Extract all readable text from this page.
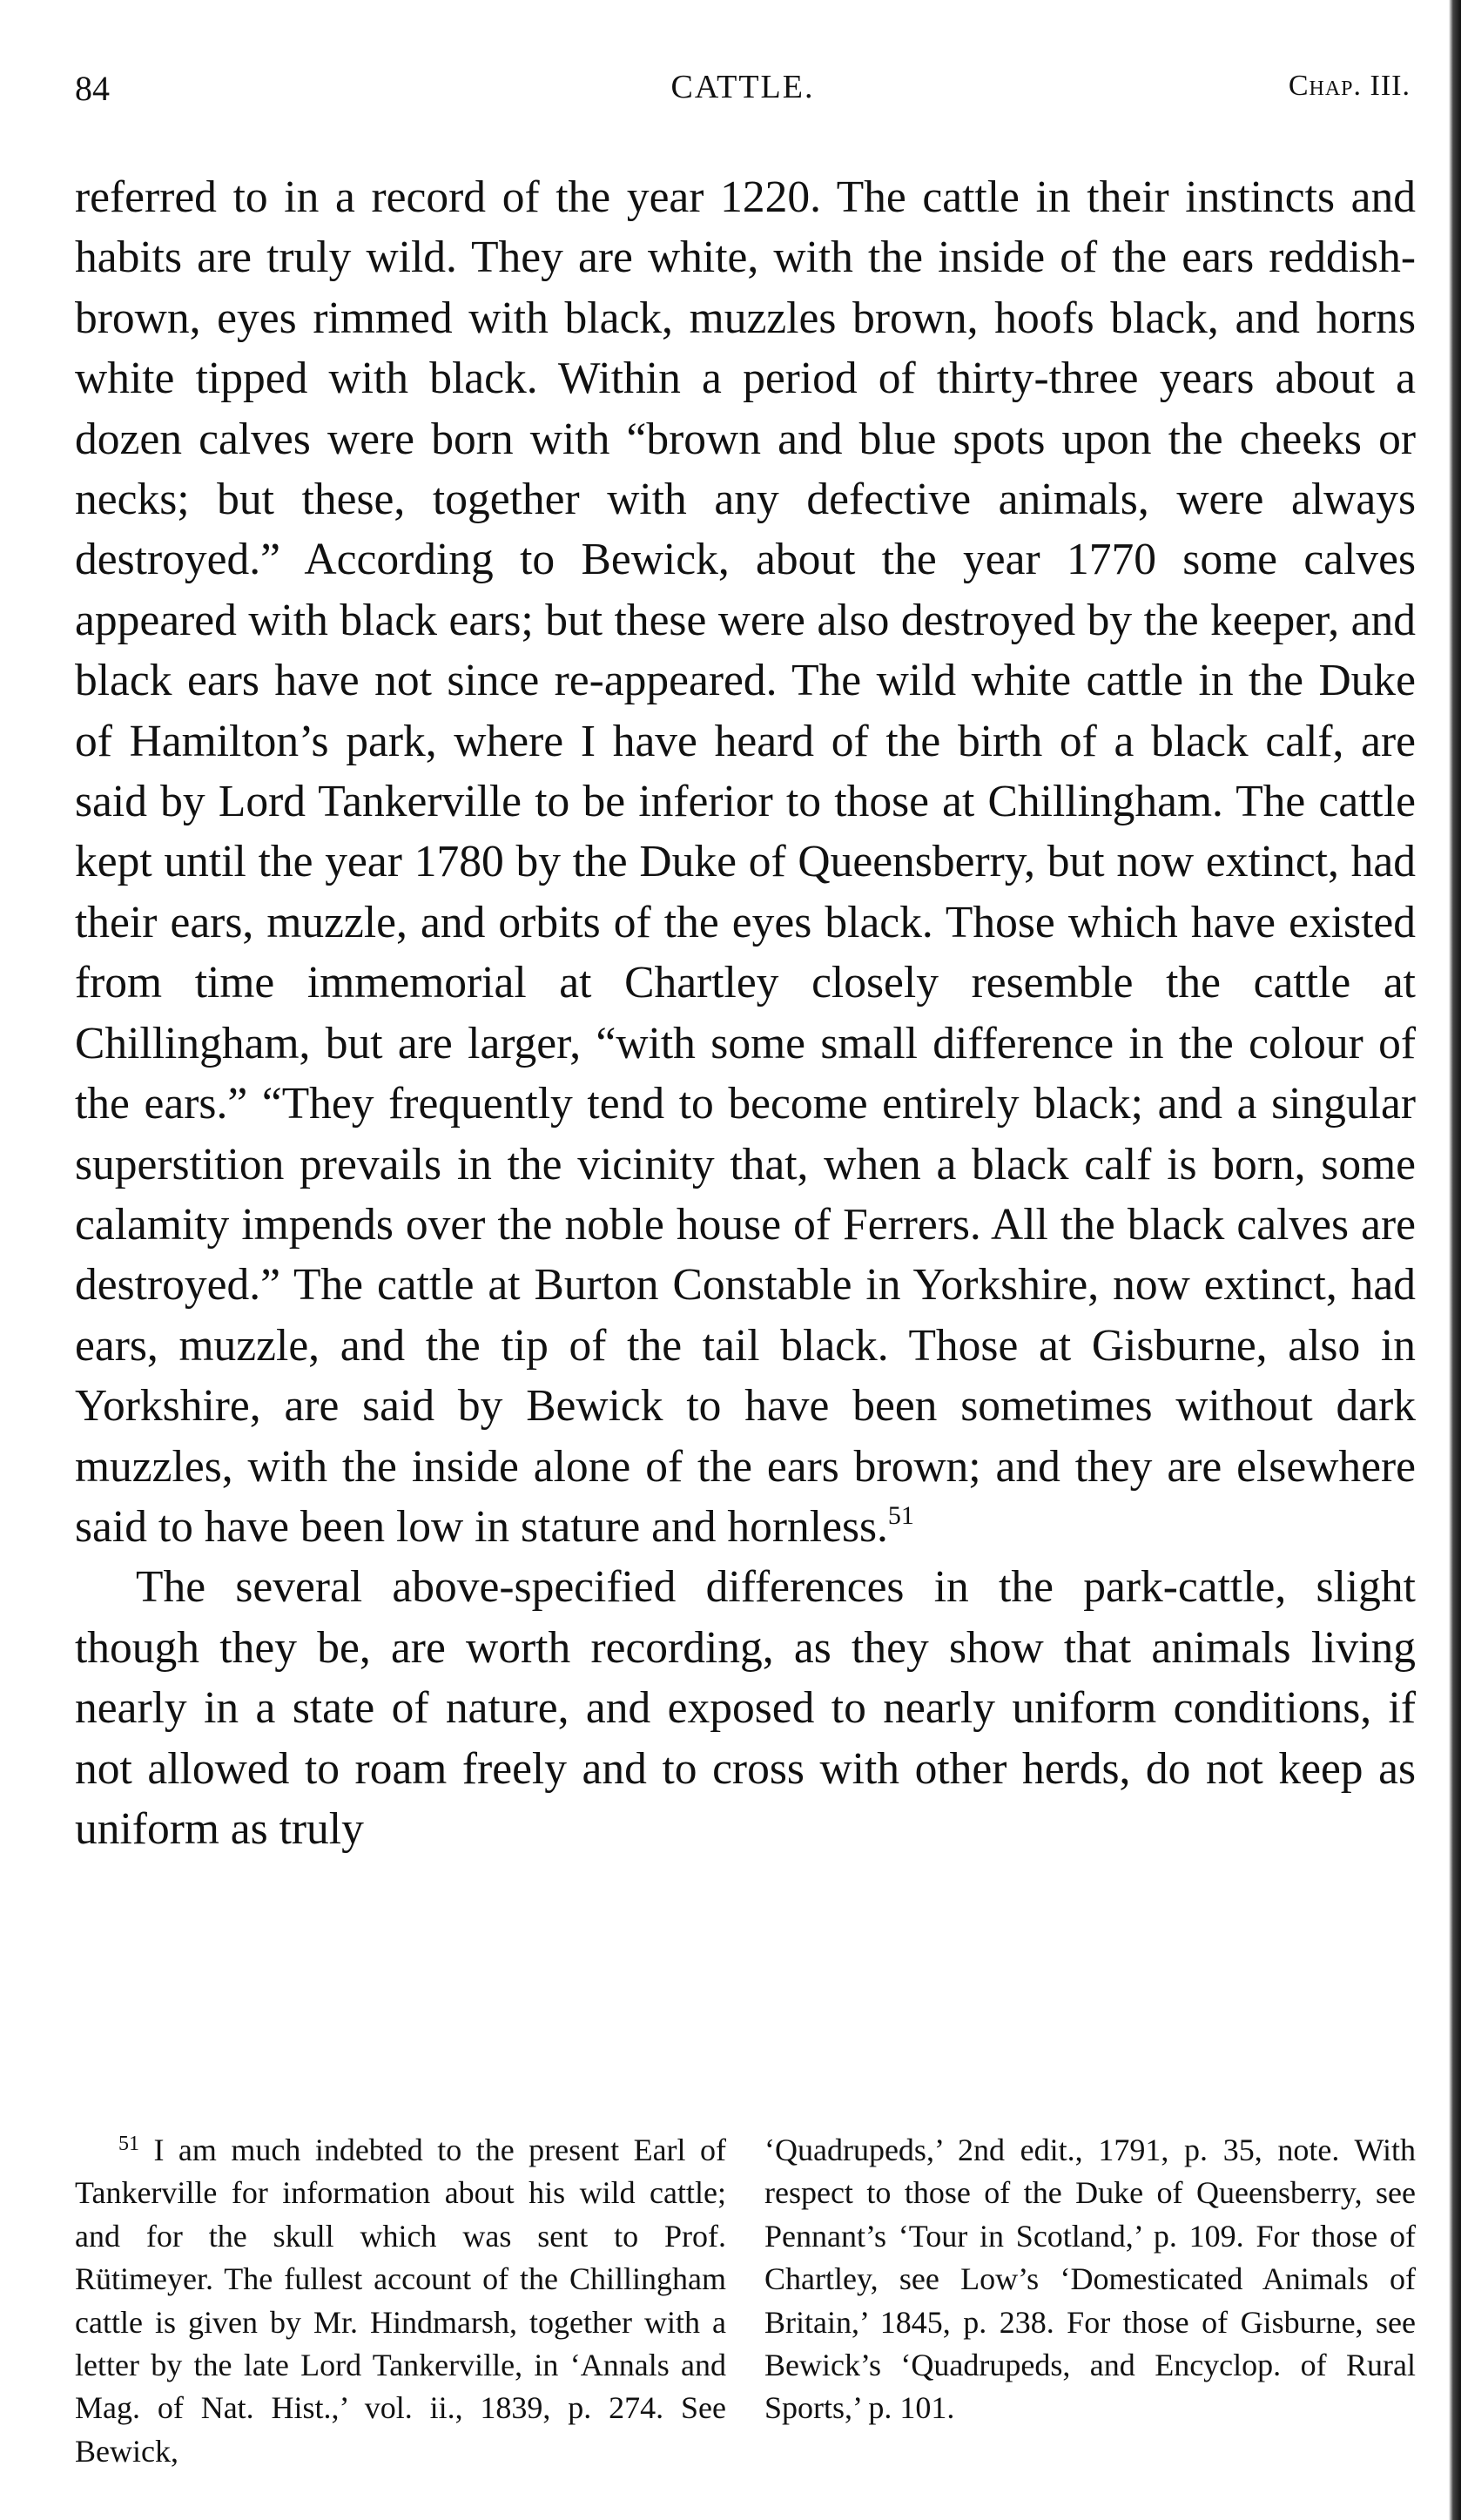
84	CATTLE.	Chap. III.

referred to in a record of the year 1220. The cattle in their instincts and habits are truly wild. They are white, with the inside of the ears reddish-brown, eyes rimmed with black, muzzles brown, hoofs black, and horns white tipped with black. Within a period of thirty-three years about a dozen calves were born with “brown and blue spots upon the cheeks or necks; but these, together with any defective animals, were always destroyed.” According to Bewick, about the year 1770 some calves appeared with black ears; but these were also destroyed by the keeper, and black ears have not since re-appeared. The wild white cattle in the Duke of Hamilton’s park, where I have heard of the birth of a black calf, are said by Lord Tankerville to be inferior to those at Chillingham. The cattle kept until the year 1780 by the Duke of Queensberry, but now extinct, had their ears, muzzle, and orbits of the eyes black. Those which have existed from time immemorial at Chartley closely resemble the cattle at Chillingham, but are larger, “with some small difference in the colour of the ears.” “They frequently tend to become entirely black; and a singular superstition prevails in the vicinity that, when a black calf is born, some calamity impends over the noble house of Ferrers. All the black calves are destroyed.” The cattle at Burton Constable in Yorkshire, now extinct, had ears, muzzle, and the tip of the tail black. Those at Gisburne, also in Yorkshire, are said by Bewick to have been sometimes without dark muzzles, with the inside alone of the ears brown; and they are elsewhere said to have been low in stature and hornless.$^{51}$

The several above-specified differences in the park-cattle, slight though they be, are worth recording, as they show that animals living nearly in a state of nature, and exposed to nearly uniform conditions, if not allowed to roam freely and to cross with other herds, do not keep as uniform as truly

$^{51}$ I am much indebted to the present Earl of Tankerville for information about his wild cattle; and for the skull which was sent to Prof. Rütimeyer. The fullest account of the Chillingham cattle is given by Mr. Hindmarsh, together with a letter by the late Lord Tankerville, in ‘Annals and Mag. of Nat. Hist.,’ vol. ii., 1839, p. 274. See Bewick,

‘Quadrupeds,’ 2nd edit., 1791, p. 35, note. With respect to those of the Duke of Queensberry, see Pennant’s ‘Tour in Scotland,’ p. 109. For those of Chartley, see Low’s ‘Domesticated Animals of Britain,’ 1845, p. 238. For those of Gisburne, see Bewick’s ‘Quadrupeds, and Encyclop. of Rural Sports,’ p. 101.
